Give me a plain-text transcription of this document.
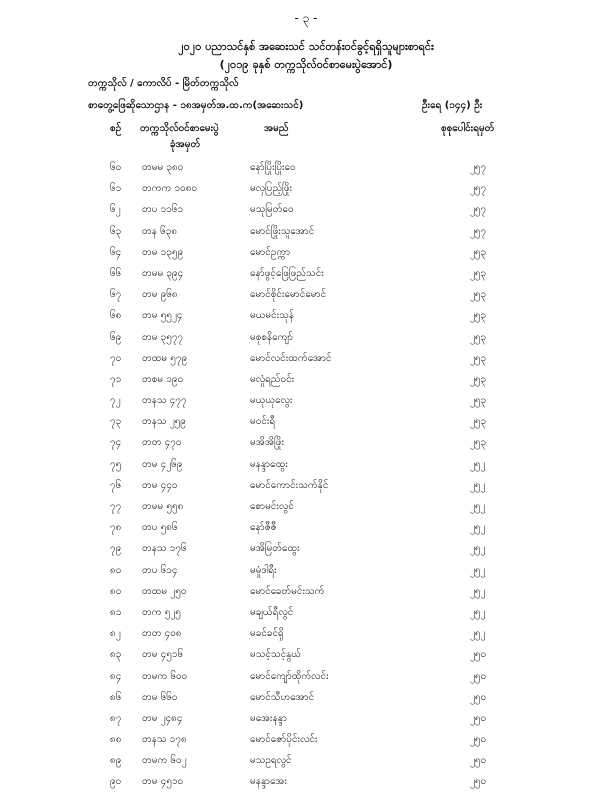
- ၃ -
၂၀၂၀ ပညာသင်နှစ် အဆေးသင် သင်တန်းဝင်ခွင့်ရရှိသူများစာရင်း
(၂၀၁၉ ခုနှစ် တက္ကသိုလ်ဝင်စာမေးပွဲအောင်)
တက္ကသိုလ် / ကောလိပ် - မြိတ်တက္ကသိုလ်
စာတွေ့ဖြေဆိုသောဌာန - ၁၈အမှတ်အ.ထ.က(အဆေးသင်)	ဦးရေ (၁၄၄) ဦး
စဉ် တက္ကသိုလ်ဝင်စာမေးပွဲ
ခုံအမှတ်
အမည်	စုစုပေါင်းရမှတ်
၆၀ တမမ ၃၈၀	နော်ပြိုးပြိုးဝေ	၂၅၇
၆၁ တကက ၁၀၈၀	မလှပြည့်ဖြိုး	၂၅၇
၆၂ တပ ၁၁၆၁	မသုမြတ်ဝေ	၂၅၇
၆၃ တန ၆၃၈	မောင်ဖြိုးသူအောင်	၂၅၇
၆၄ တမ ၁၃၅၉	မောင်ဥက္ကာ	၂၅၃
၆၆ တမမ ၃၉၄	နော်ဖွင့်ဖြေဖြည်သင်း	၂၅၃
၆၇ တမ ၉၆၈	မောင်စိုင်းမောင်မောင်	၂၅၃
၆၈ တမ ၅၅၂၄	မယမင်းသုန်	၂၅၃
၆၉ တမ ၃၅၇၇	မစုစနိကျော်	၂၅၃
၇၀ တထမ ၅၇၉	မောင်လင်းထက်အောင်	၂၅၃
၇၁ တစမ ၁၉၀	မလှုံရည်ဝင်း	၂၅၃
၇၂ တနသ ၄၇၇	မယုယုလွေး	၂၅၃
၇၃ တနသ ၂၅၉	မဝင်းရီ	၂၅၃
၇၄ တတ ၄၇၀	မအိအိဖြိုး	၂၅၃
၇၅ တမ ၄၂၆၉	မနန္ဒာထွေး	၂၅၂
၇၆ တမ ၄၄၀	မောင်ကောင်းသက်နိုင်	၂၅၂
၇၇ တမမ ၅၅၈	စောမင်းလွင်	၂၅၂
၇၈ တပ ၅၈၆	နော်ဇီဇီ	၂၅၂
၇၉ တနသ ၁၇၆	မအိမြတ်ထွေး	၂၅၂
၈၀ တပ ၆၁၄	မမှုံဒါရီး	၂၅၂
၈၀ တထမ ၂၅၀	မောင်ခေတ်မင်းသက်	၂၅၂
၈၁ တက ၅၂၅	မချယ်ရီလွင်	၂၅၂
၈၂ တတ ၄၀၈	မခင်ခင်ရှိ	၂၅၂
၈၃ တမ ၄၅၁၆	မသင့်သင့်နွယ်	၂၅၀
၈၄ တမက ၆၀၀	မောင်ကျော်ထိုက်လင်း	၂၅၀
၈၆ တမ ၆၆၀	မောင်သီဟအောင်	၂၅၀
၈၇ တမ ၂၄၈၄	မအေးနန္ဒာ	၂၅၀
၈၈ တနသ ၁၇၈	မောင်ဇော်ပိုင်းလင်း	၂၅၀
၈၉ တမက ၆၀၂	မသဥရလွင်	၂၅၀
၉၀ တမ ၄၅၁၀	မနန္ဒာအေး	၂၅၀
